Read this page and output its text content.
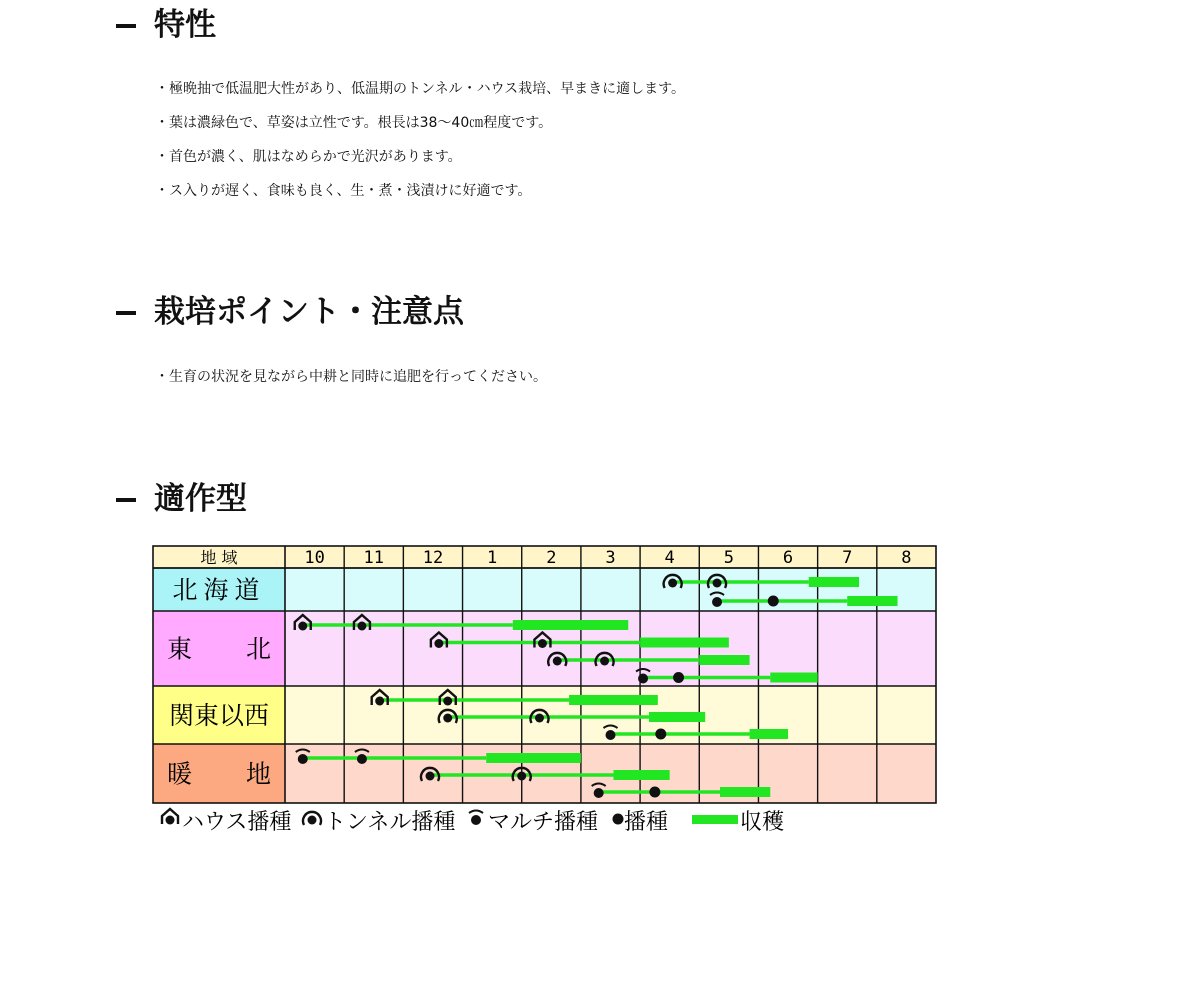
特性
・極晩抽で低温肥大性があり、低温期のトンネル・ハウス栽培、早まきに適します。
・葉は濃緑色で、草姿は立性です。根長は38〜40㎝程度です。
・首色が濃く、肌はなめらかで光沢があります。
・ス入りが遅く、食味も良く、生・煮・浅漬けに好適です。
栽培ポイント・注意点
・生育の状況を見ながら中耕と同時に追肥を行ってください。
適作型
地 域	10 11 12	1	2	3	4	5	6	7	8
北海道
東 北
関東以西
暖 地
ハウス播種 トンネル播種 マルチ播種 播種	収穫
